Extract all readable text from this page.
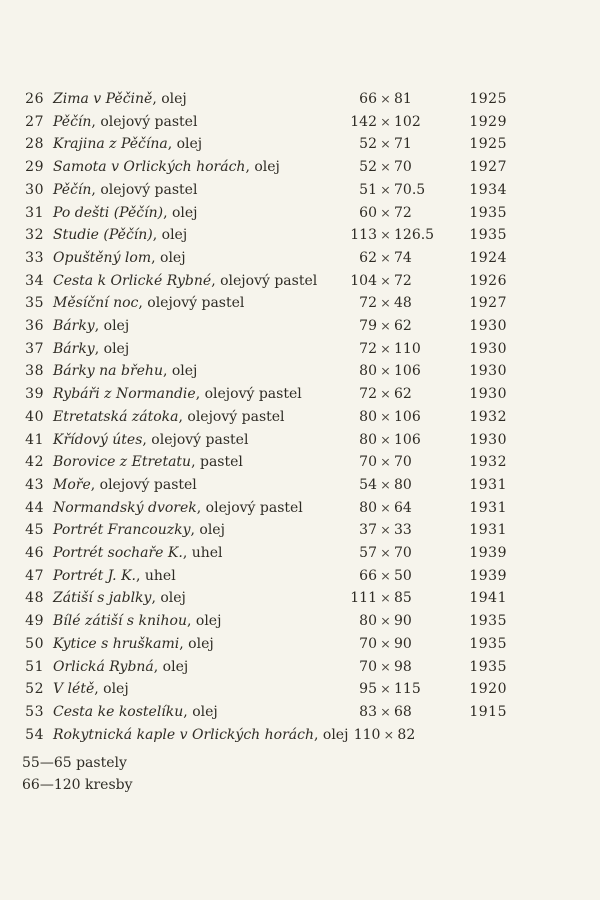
26 Zima v Pěčině, olej	66 × 81	1925
27 Pěčín, olejový pastel	142 × 102	1929
28 Krajina z Pěčína, olej	52 × 71	1925
29 Samota v Orlických horách, olej	52 × 70	1927
30 Pěčín, olejový pastel	51 × 70.5	1934
31 Po dešti (Pěčín), olej	60 × 72	1935
32 Studie (Pěčín), olej	113 × 126.5	1935
33 Opuštěný lom, olej	62 × 74	1924
34 Cesta k Orlické Rybné, olejový pastel	104 × 72	1926
35 Měsíční noc, olejový pastel	72 × 48	1927
36 Bárky, olej	79 × 62	1930
37 Bárky, olej	72 × 110	1930
38 Bárky na břehu, olej	80 × 106	1930
39 Rybáři z Normandie, olejový pastel	72 × 62	1930
40 Etretatská zátoka, olejový pastel	80 × 106	1932
41 Křídový útes, olejový pastel	80 × 106	1930
42 Borovice z Etretatu, pastel	70 × 70	1932
43 Moře, olejový pastel	54 × 80	1931
44 Normandský dvorek, olejový pastel	80 × 64	1931
45 Portrét Francouzky, olej	37 × 33	1931
46 Portrét sochaře K., uhel	57 × 70	1939
47 Portrét J. K., uhel	66 × 50	1939
48 Zátiší s jablky, olej	111 × 85	1941
49 Bílé zátiší s knihou, olej	80 × 90	1935
50 Kytice s hruškami, olej	70 × 90	1935
51 Orlická Rybná, olej	70 × 98	1935
52 V létě, olej	95 × 115	1920
53 Cesta ke kostelíku, olej	83 × 68	1915
54 Rokytnická kaple v Orlických horách, olej 110 × 82
55—65 pastely
66—120 kresby
